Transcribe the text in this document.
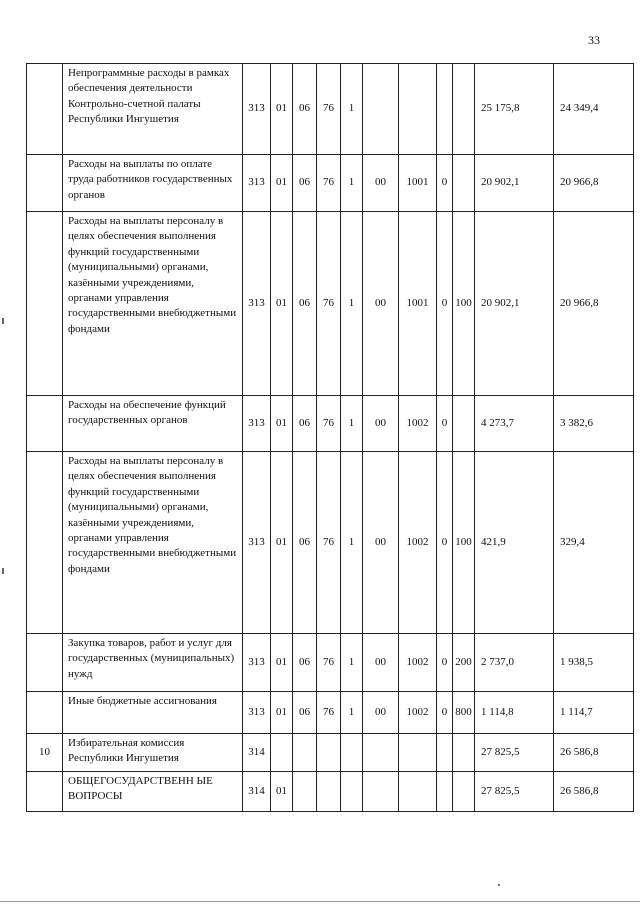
33
	Непрограммные расходы в рамках обеспечения деятельности Контрольно-счетной палаты Республики Ингушетия	313	01	06	76	1					25 175,8	24 349,4
	Расходы на выплаты по оплате труда работников государственных органов	313	01	06	76	1	00	1001	0		20 902,1	20 966,8
	Расходы на выплаты персоналу в целях обеспечения выполнения функций государственными (муниципальными) органами, казёнными учреждениями, органами управления государственными внебюджетными фондами	313	01	06	76	1	00	1001	0	100	20 902,1	20 966,8
	Расходы на обеспечение функций государственных органов	313	01	06	76	1	00	1002	0		4 273,7	3 382,6
	Расходы на выплаты персоналу в целях обеспечения выполнения функций государственными (муниципальными) органами, казёнными учреждениями, органами управления государственными внебюджетными фондами	313	01	06	76	1	00	1002	0	100	421,9	329,4
	Закупка товаров, работ и услуг для государственных (муниципальных) нужд	313	01	06	76	1	00	1002	0	200	2 737,0	1 938,5
	Иные бюджетные ассигнования	313	01	06	76	1	00	1002	0	800	1 114,8	1 114,7
10	Избирательная комиссия Республики Ингушетия	314									27 825,5	26 586,8
	ОБЩЕГОСУДАРСТВЕНН ЫЕ ВОПРОСЫ	314	01								27 825,5	26 586,8
